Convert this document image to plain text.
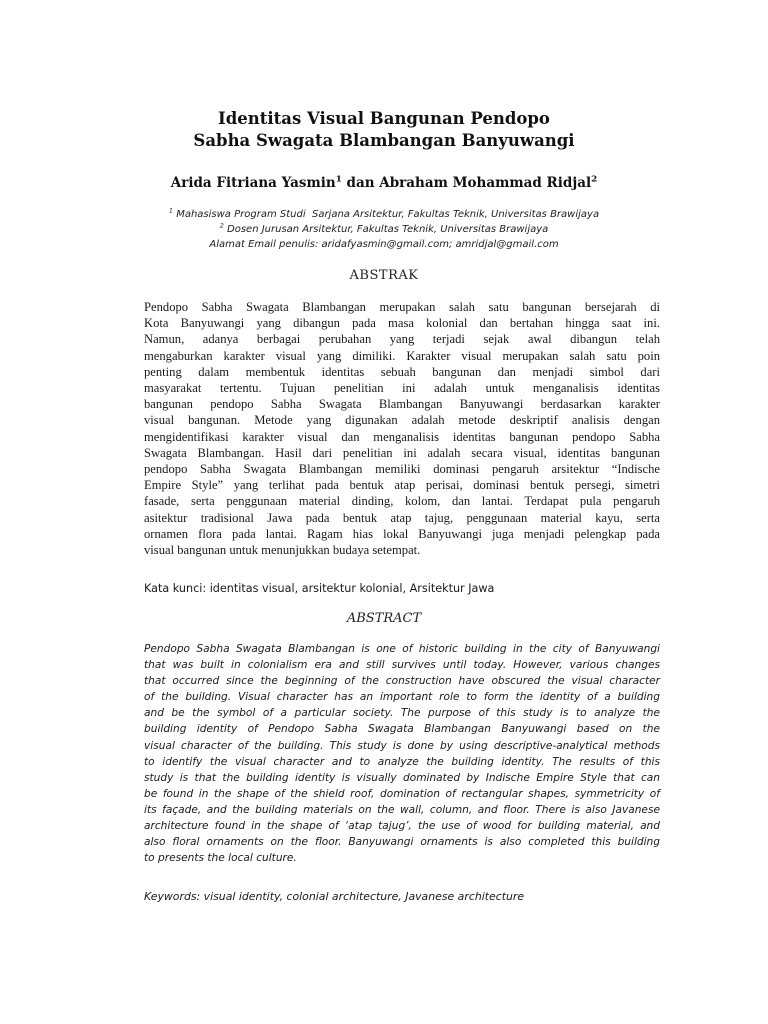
Identitas Visual Bangunan Pendopo
Sabha Swagata Blambangan Banyuwangi
Arida Fitriana Yasmin$^1$ dan Abraham Mohammad Ridjal$^2$
$^1$ Mahasiswa Program Studi  Sarjana Arsitektur, Fakultas Teknik, Universitas Brawijaya
$^2$ Dosen Jurusan Arsitektur, Fakultas Teknik, Universitas Brawijaya
Alamat Email penulis: aridafyasmin@gmail.com; amridjal@gmail.com
ABSTRAK
Pendopo Sabha Swagata Blambangan merupakan salah satu bangunan bersejarah di
Kota Banyuwangi yang dibangun pada masa kolonial dan bertahan hingga saat ini.
Namun, adanya berbagai perubahan yang terjadi sejak awal dibangun telah
mengaburkan karakter visual yang dimiliki. Karakter visual merupakan salah satu poin
penting dalam membentuk identitas sebuah bangunan dan menjadi simbol dari
masyarakat tertentu. Tujuan penelitian ini adalah untuk menganalisis identitas
bangunan pendopo Sabha Swagata Blambangan Banyuwangi berdasarkan karakter
visual bangunan. Metode yang digunakan adalah metode deskriptif analisis dengan
mengidentifikasi karakter visual dan menganalisis identitas bangunan pendopo Sabha
Swagata Blambangan. Hasil dari penelitian ini adalah secara visual, identitas bangunan
pendopo Sabha Swagata Blambangan memiliki dominasi pengaruh arsitektur “Indische
Empire Style” yang terlihat pada bentuk atap perisai, dominasi bentuk persegi, simetri
fasade, serta penggunaan material dinding, kolom, dan lantai. Terdapat pula pengaruh
asitektur tradisional Jawa pada bentuk atap tajug, penggunaan material kayu, serta
ornamen flora pada lantai. Ragam hias lokal Banyuwangi juga menjadi pelengkap pada
visual bangunan untuk menunjukkan budaya setempat.
Kata kunci: identitas visual, arsitektur kolonial, Arsitektur Jawa
ABSTRACT
Pendopo Sabha Swagata Blambangan is one of historic building in the city of Banyuwangi
that was built in colonialism era and still survives until today. However, various changes
that occurred since the beginning of the construction have obscured the visual character
of the building. Visual character has an important role to form the identity of a building
and be the symbol of a particular society. The purpose of this study is to analyze the
building identity of Pendopo Sabha Swagata Blambangan Banyuwangi based on the
visual character of the building. This study is done by using descriptive-analytical methods
to identify the visual character and to analyze the building identity. The results of this
study is that the building identity is visually dominated by Indische Empire Style that can
be found in the shape of the shield roof, domination of rectangular shapes, symmetricity of
its façade, and the building materials on the wall, column, and floor. There is also Javanese
architecture found in the shape of ‘atap tajug’, the use of wood for building material, and
also floral ornaments on the floor. Banyuwangi ornaments is also completed this building
to presents the local culture.
Keywords: visual identity, colonial architecture, Javanese architecture
